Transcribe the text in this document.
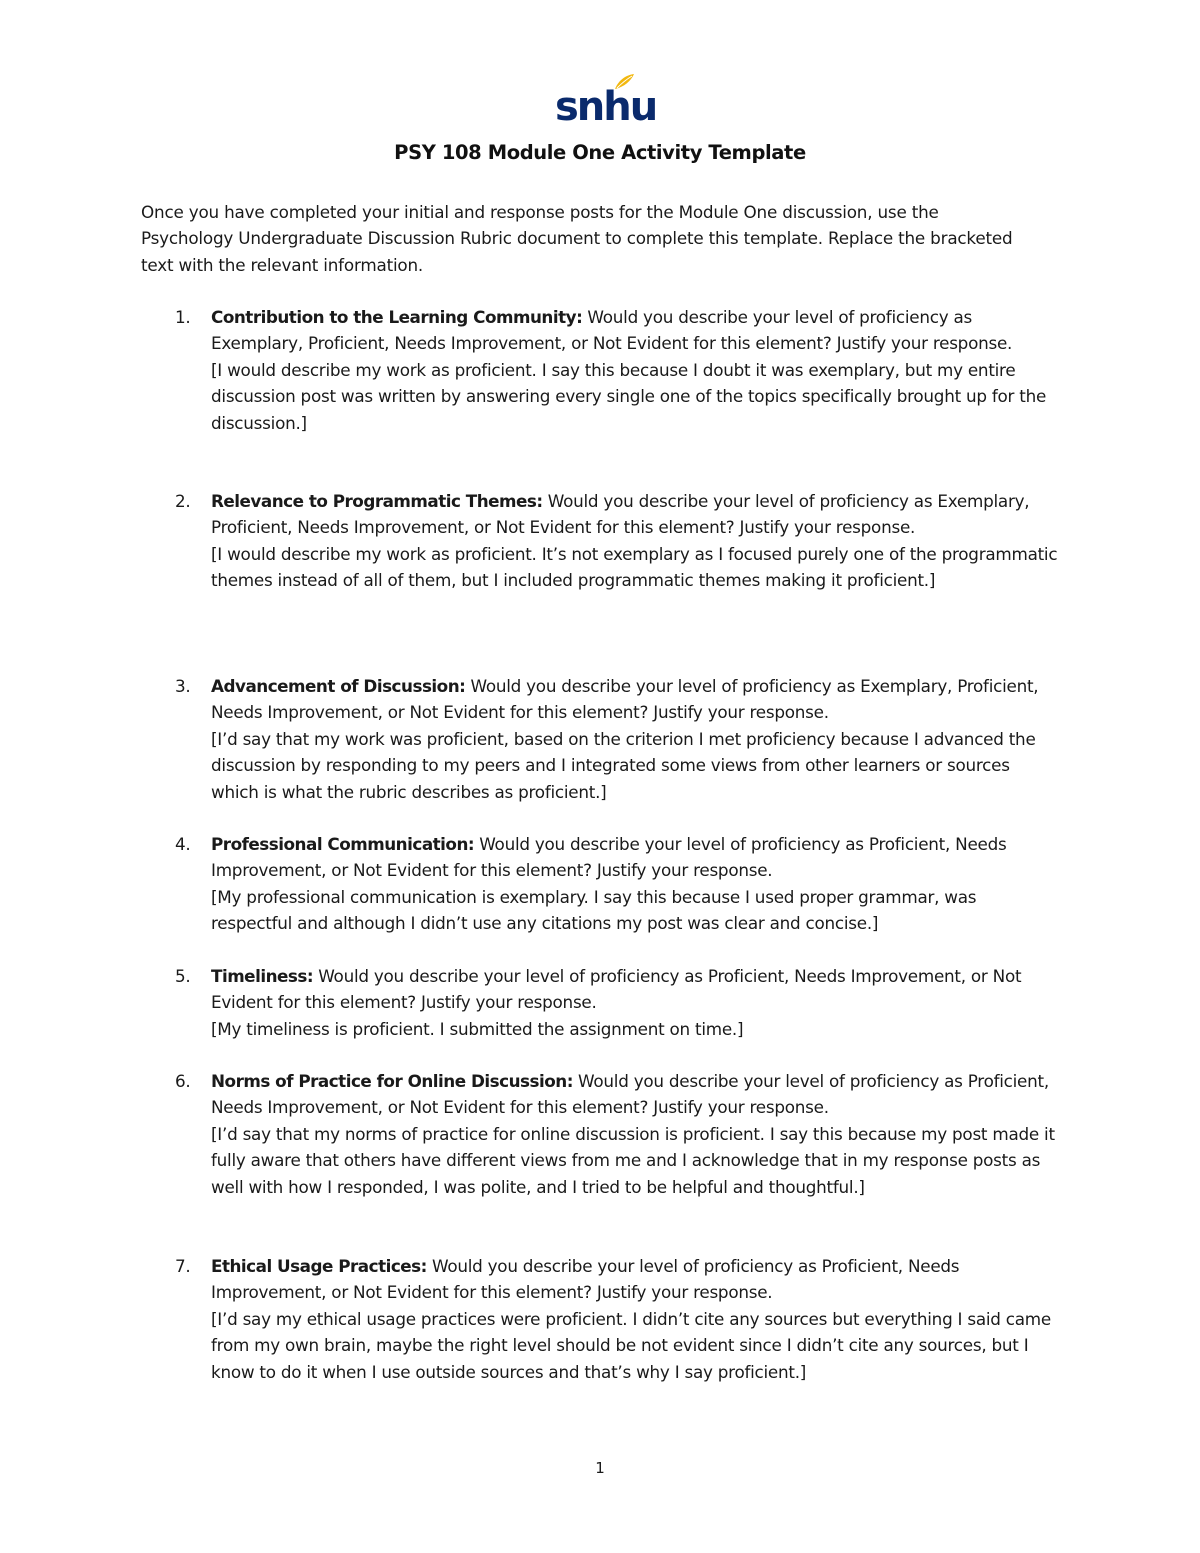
snhu
PSY 108 Module One Activity Template
Once you have completed your initial and response posts for the Module One discussion, use the Psychology Undergraduate Discussion Rubric document to complete this template. Replace the bracketed text with the relevant information.
1.	Contribution to the Learning Community: Would you describe your level of proficiency as Exemplary, Proficient, Needs Improvement, or Not Evident for this element? Justify your response.
[I would describe my work as proficient. I say this because I doubt it was exemplary, but my entire discussion post was written by answering every single one of the topics specifically brought up for the discussion.]
2.	Relevance to Programmatic Themes: Would you describe your level of proficiency as Exemplary, Proficient, Needs Improvement, or Not Evident for this element? Justify your response.
[I would describe my work as proficient. It’s not exemplary as I focused purely one of the programmatic themes instead of all of them, but I included programmatic themes making it proficient.]
3.	Advancement of Discussion: Would you describe your level of proficiency as Exemplary, Proficient, Needs Improvement, or Not Evident for this element? Justify your response.
[I’d say that my work was proficient, based on the criterion I met proficiency because I advanced the discussion by responding to my peers and I integrated some views from other learners or sources which is what the rubric describes as proficient.]
4.	Professional Communication: Would you describe your level of proficiency as Proficient, Needs Improvement, or Not Evident for this element? Justify your response.
[My professional communication is exemplary. I say this because I used proper grammar, was respectful and although I didn’t use any citations my post was clear and concise.]
5.	Timeliness: Would you describe your level of proficiency as Proficient, Needs Improvement, or Not Evident for this element? Justify your response.
[My timeliness is proficient. I submitted the assignment on time.]
6.	Norms of Practice for Online Discussion: Would you describe your level of proficiency as Proficient, Needs Improvement, or Not Evident for this element? Justify your response.
[I’d say that my norms of practice for online discussion is proficient. I say this because my post made it fully aware that others have different views from me and I acknowledge that in my response posts as well with how I responded, I was polite, and I tried to be helpful and thoughtful.]
7.	Ethical Usage Practices: Would you describe your level of proficiency as Proficient, Needs Improvement, or Not Evident for this element? Justify your response.
[I’d say my ethical usage practices were proficient. I didn’t cite any sources but everything I said came from my own brain, maybe the right level should be not evident since I didn’t cite any sources, but I know to do it when I use outside sources and that’s why I say proficient.]
1
